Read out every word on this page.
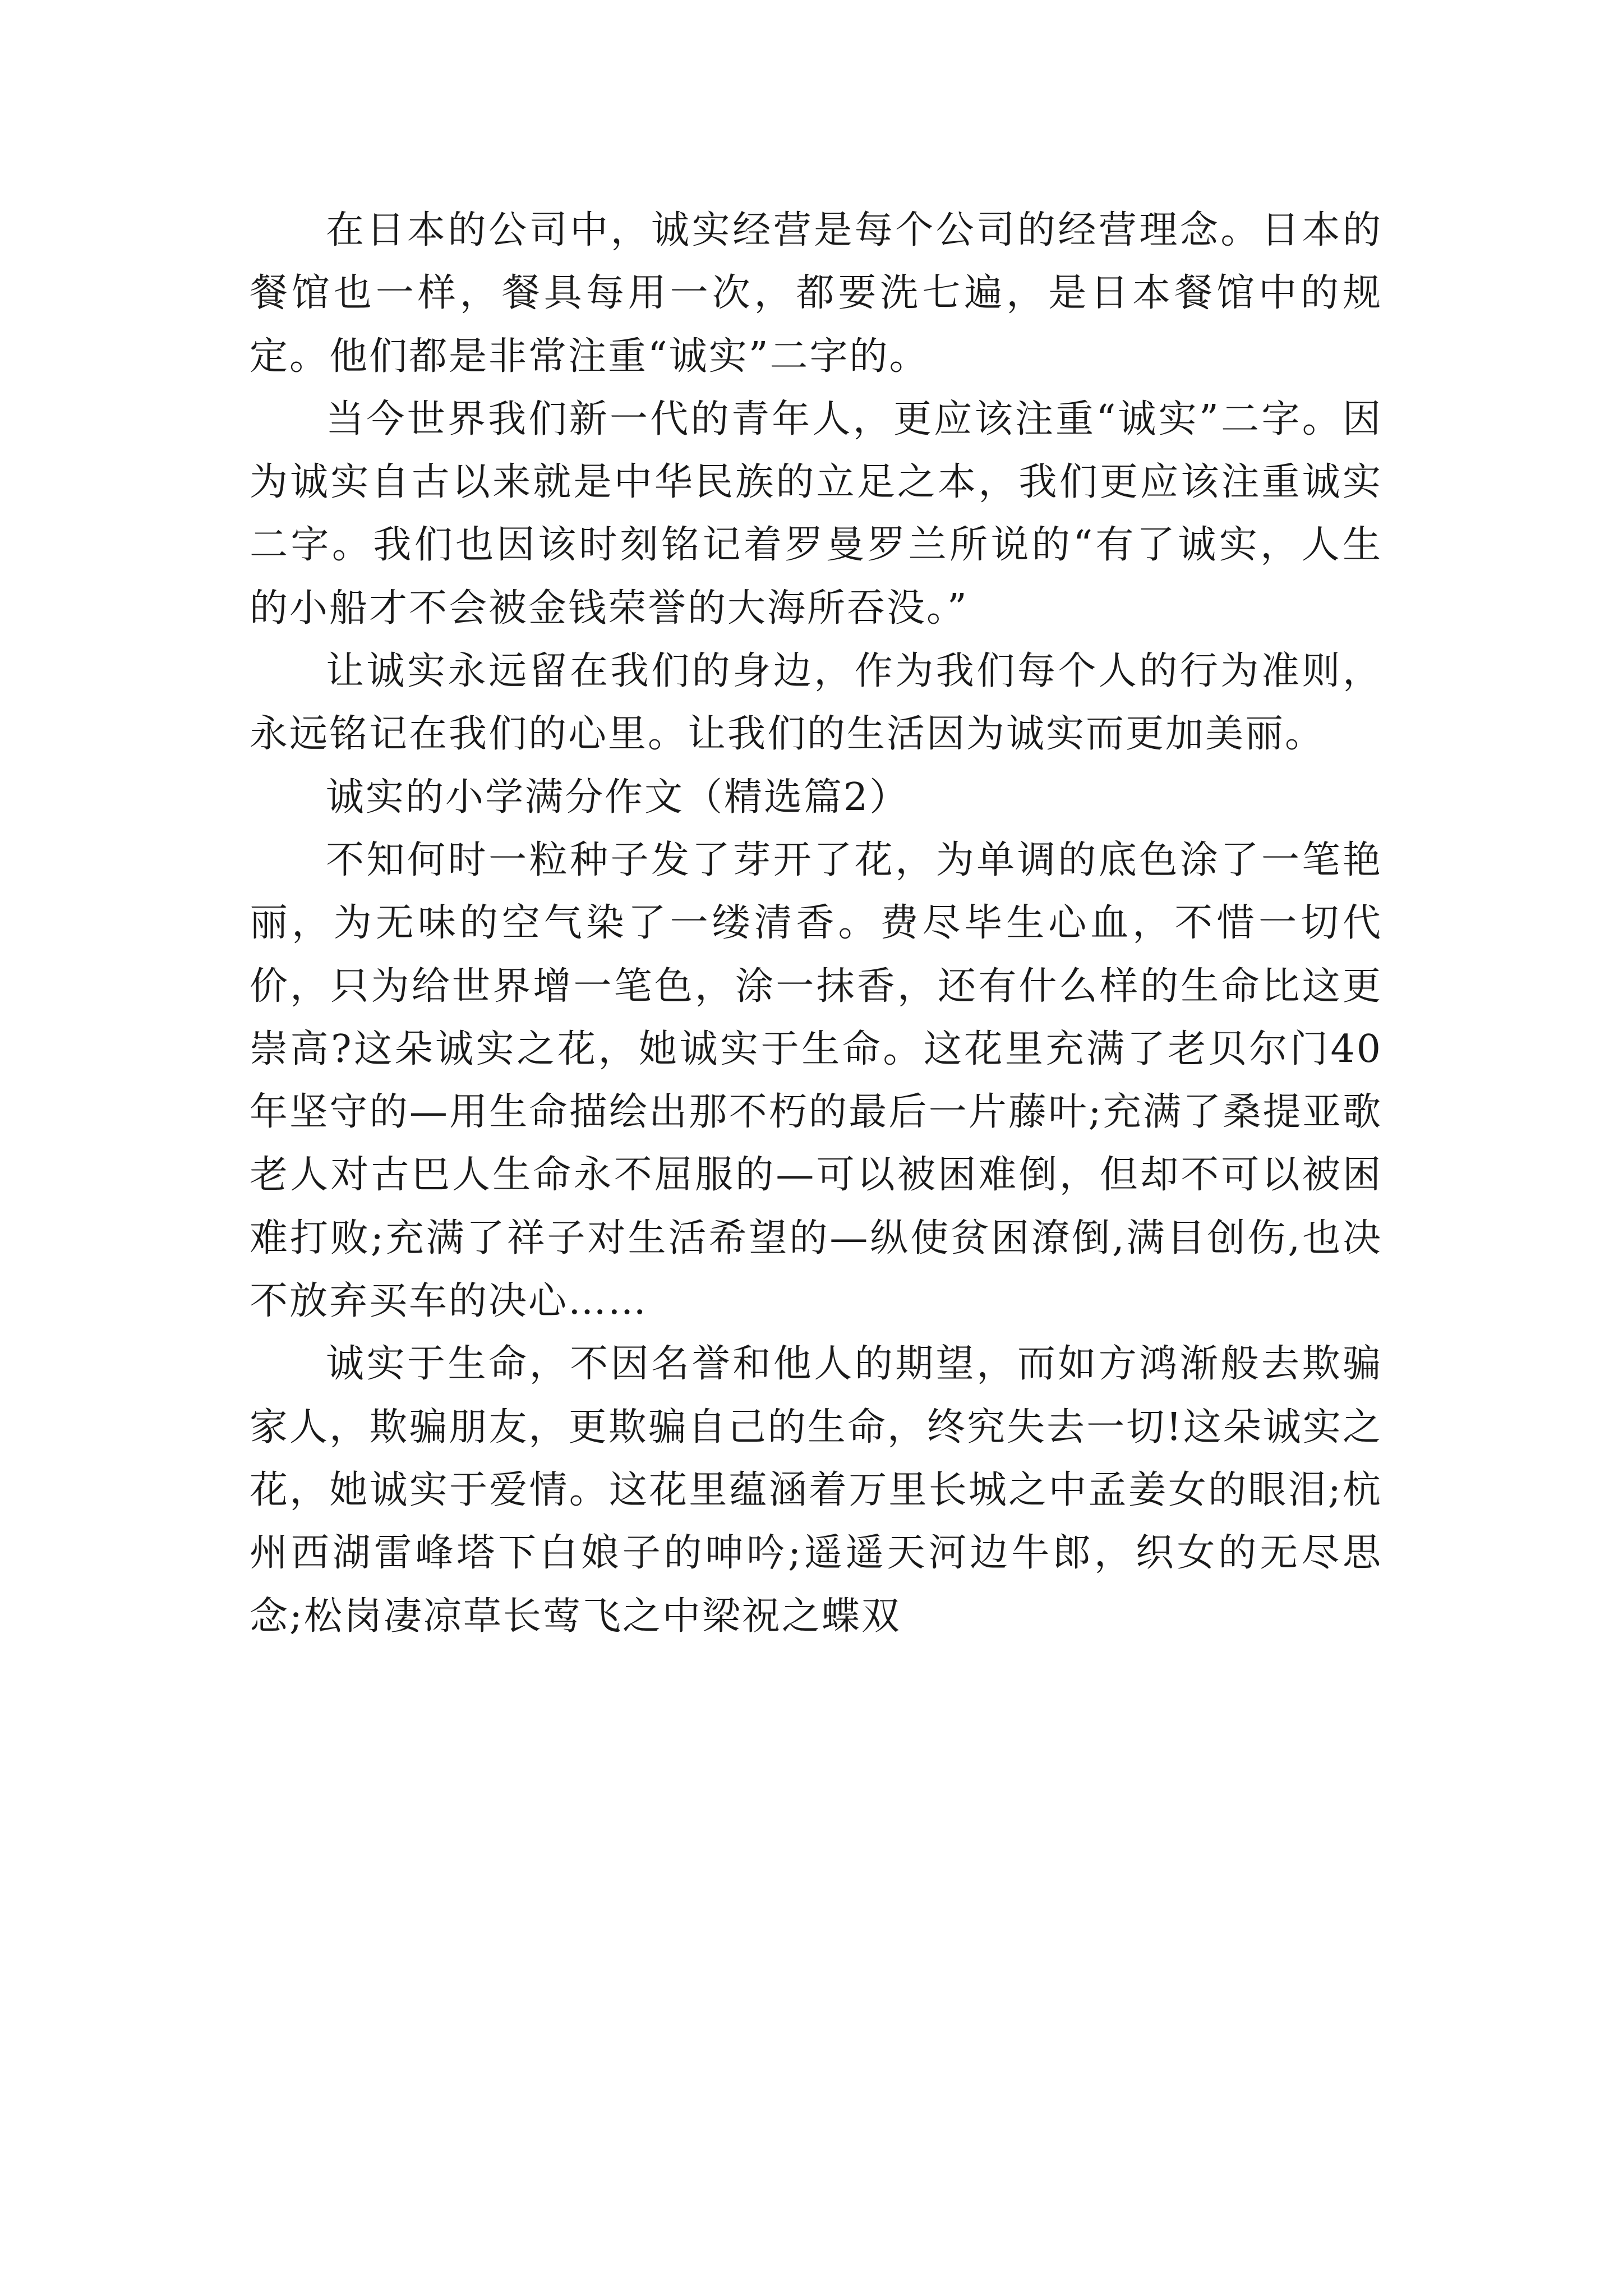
在日本的公司中，诚实经营是每个公司的经营理念。日本的餐馆也一样，餐具每用一次，都要洗七遍，是日本餐馆中的规定。他们都是非常注重“诚实”二字的。

当今世界我们新一代的青年人，更应该注重“诚实”二字。因为诚实自古以来就是中华民族的立足之本，我们更应该注重诚实二字。我们也因该时刻铭记着罗曼罗兰所说的“有了诚实，人生的小船才不会被金钱荣誉的大海所吞没。”

让诚实永远留在我们的身边，作为我们每个人的行为准则，永远铭记在我们的心里。让我们的生活因为诚实而更加美丽。

诚实的小学满分作文（精选篇2）

不知何时一粒种子发了芽开了花，为单调的底色涂了一笔艳丽，为无味的空气染了一缕清香。费尽毕生心血，不惜一切代价，只为给世界增一笔色，涂一抹香，还有什么样的生命比这更崇高?这朵诚实之花，她诚实于生命。这花里充满了老贝尔门40年坚守的—用生命描绘出那不朽的最后一片藤叶;充满了桑提亚歌老人对古巴人生命永不屈服的—可以被困难倒，但却不可以被困难打败;充满了祥子对生活希望的—纵使贫困潦倒,满目创伤,也决不放弃买车的决心……

诚实于生命，不因名誉和他人的期望，而如方鸿渐般去欺骗家人，欺骗朋友，更欺骗自己的生命，终究失去一切!这朵诚实之花，她诚实于爱情。这花里蕴涵着万里长城之中孟姜女的眼泪;杭州西湖雷峰塔下白娘子的呻吟;遥遥天河边牛郎，织女的无尽思念;松岗凄凉草长莺飞之中梁祝之蝶双
